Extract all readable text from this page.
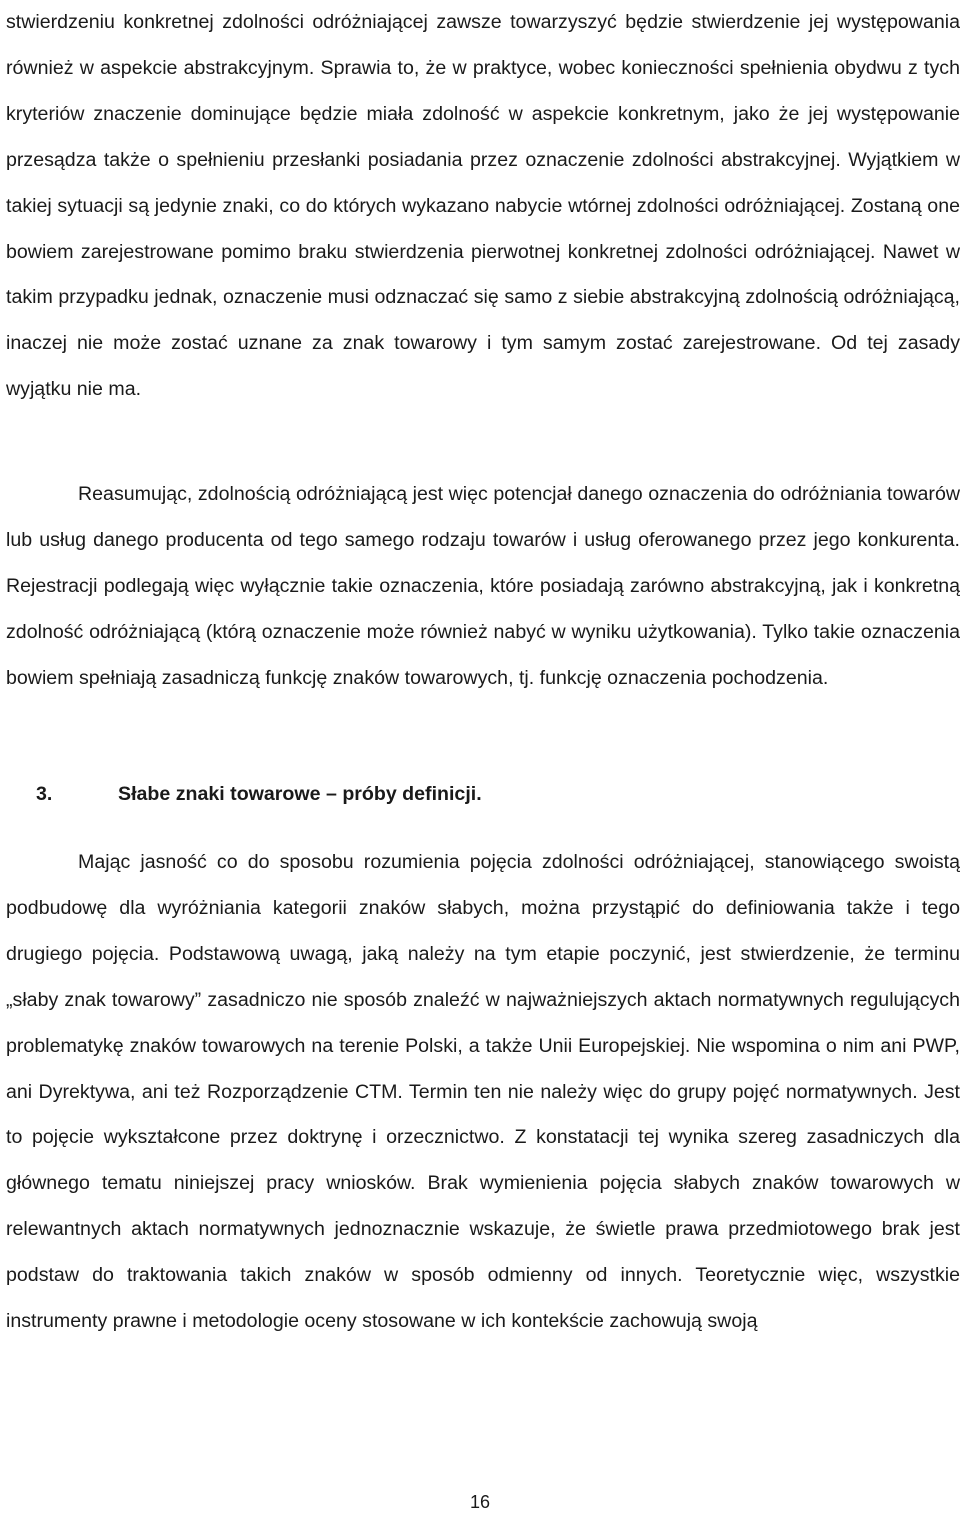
stwierdzeniu konkretnej zdolności odróżniającej zawsze towarzyszyć będzie stwierdzenie jej występowania również w aspekcie abstrakcyjnym. Sprawia to, że w praktyce, wobec konieczności spełnienia obydwu z tych kryteriów znaczenie dominujące będzie miała zdolność w aspekcie konkretnym, jako że jej występowanie przesądza także o spełnieniu przesłanki posiadania przez oznaczenie zdolności abstrakcyjnej. Wyjątkiem w takiej sytuacji są jedynie znaki, co do których wykazano nabycie wtórnej zdolności odróżniającej. Zostaną one bowiem zarejestrowane pomimo braku stwierdzenia pierwotnej konkretnej zdolności odróżniającej. Nawet w takim przypadku jednak, oznaczenie musi odznaczać się samo z siebie abstrakcyjną zdolnością odróżniającą, inaczej nie może zostać uznane za znak towarowy i tym samym zostać zarejestrowane. Od tej zasady wyjątku nie ma.

Reasumując, zdolnością odróżniającą jest więc potencjał danego oznaczenia do odróżniania towarów lub usług danego producenta od tego samego rodzaju towarów i usług oferowanego przez jego konkurenta. Rejestracji podlegają więc wyłącznie takie oznaczenia, które posiadają zarówno abstrakcyjną, jak i konkretną zdolność odróżniającą (którą oznaczenie może również nabyć w wyniku użytkowania). Tylko takie oznaczenia bowiem spełniają zasadniczą funkcję znaków towarowych, tj. funkcję oznaczenia pochodzenia.

3.	Słabe znaki towarowe – próby definicji.

Mając jasność co do sposobu rozumienia pojęcia zdolności odróżniającej, stanowiącego swoistą podbudowę dla wyróżniania kategorii znaków słabych, można przystąpić do definiowania także i tego drugiego pojęcia. Podstawową uwagą, jaką należy na tym etapie poczynić, jest stwierdzenie, że terminu „słaby znak towarowy” zasadniczo nie sposób znaleźć w najważniejszych aktach normatywnych regulujących problematykę znaków towarowych na terenie Polski, a także Unii Europejskiej. Nie wspomina o nim ani PWP, ani Dyrektywa, ani też Rozporządzenie CTM. Termin ten nie należy więc do grupy pojęć normatywnych. Jest to pojęcie wykształcone przez doktrynę i orzecznictwo. Z konstatacji tej wynika szereg zasadniczych dla głównego tematu niniejszej pracy wniosków. Brak wymienienia pojęcia słabych znaków towarowych w relewantnych aktach normatywnych jednoznacznie wskazuje, że świetle prawa przedmiotowego brak jest podstaw do traktowania takich znaków w sposób odmienny od innych. Teoretycznie więc, wszystkie instrumenty prawne i metodologie oceny stosowane w ich kontekście zachowują swoją

16
